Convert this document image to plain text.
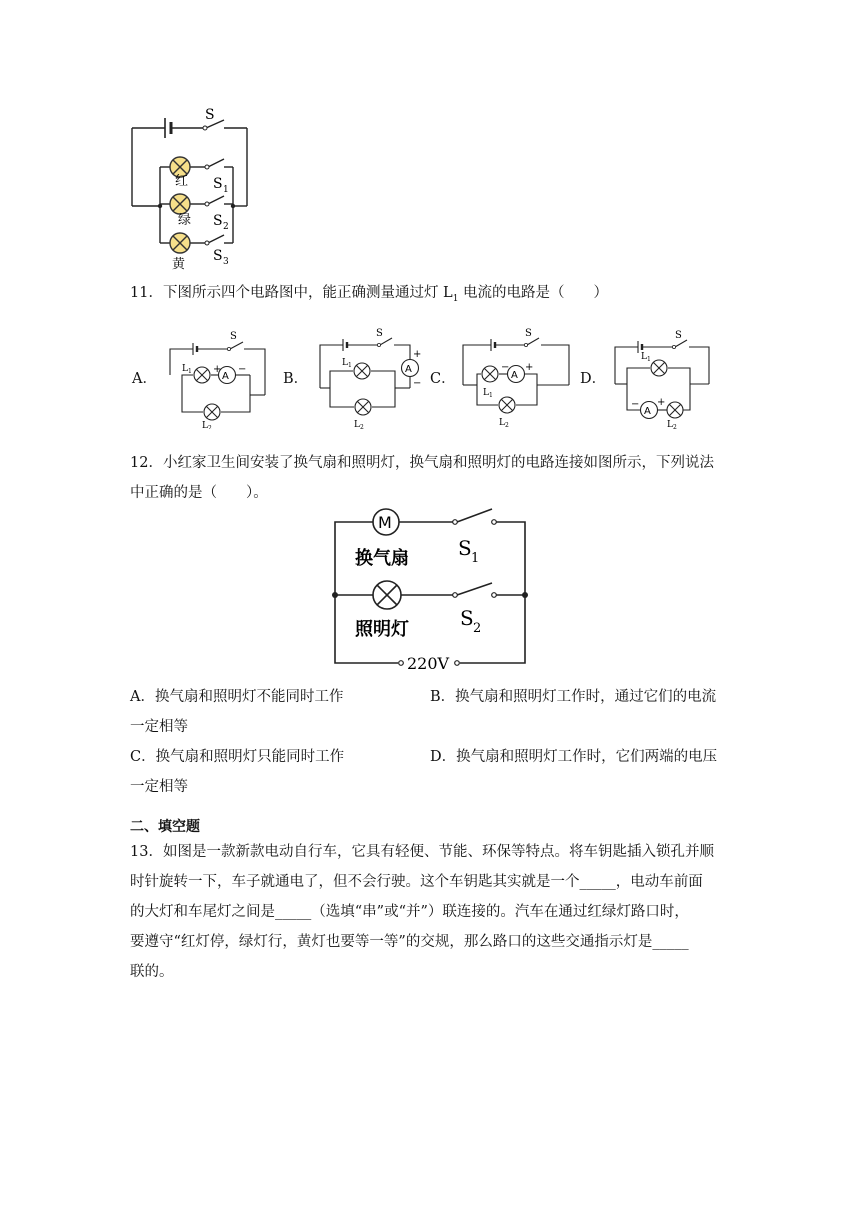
S
红
绿
黄
S 1
S 2
S 3
11．下图所示四个电路图中，能正确测量通过灯 $L_1$ 电流的电路是（　　）
A．	B．	C．	D．
S
$L_1$	A
+ −
$L_2$
S
$L_1$	A
+
−
$L_2$
S
$L_1$
A
− +
$L_2$
S
$L_1$
A
− +
$L_2$
12．小红家卫生间安装了换气扇和照明灯，换气扇和照明灯的电路连接如图所示，下列说法
中正确的是（　　）。
M
换气扇
照明灯
S 1
S 2
220V
A．换气扇和照明灯不能同时工作	B．换气扇和照明灯工作时，通过它们的电流
一定相等
C．换气扇和照明灯只能同时工作	D．换气扇和照明灯工作时，它们两端的电压
一定相等
二、填空题
13．如图是一款新款电动自行车，它具有轻便、节能、环保等特点。将车钥匙插入锁孔并顺
时针旋转一下，车子就通电了，但不会行驶。这个车钥匙其实就是一个_____，电动车前面
的大灯和车尾灯之间是_____（选填“串”或“并”）联连接的。汽车在通过红绿灯路口时，
要遵守“红灯停，绿灯行，黄灯也要等一等”的交规，那么路口的这些交通指示灯是_____
联的。
